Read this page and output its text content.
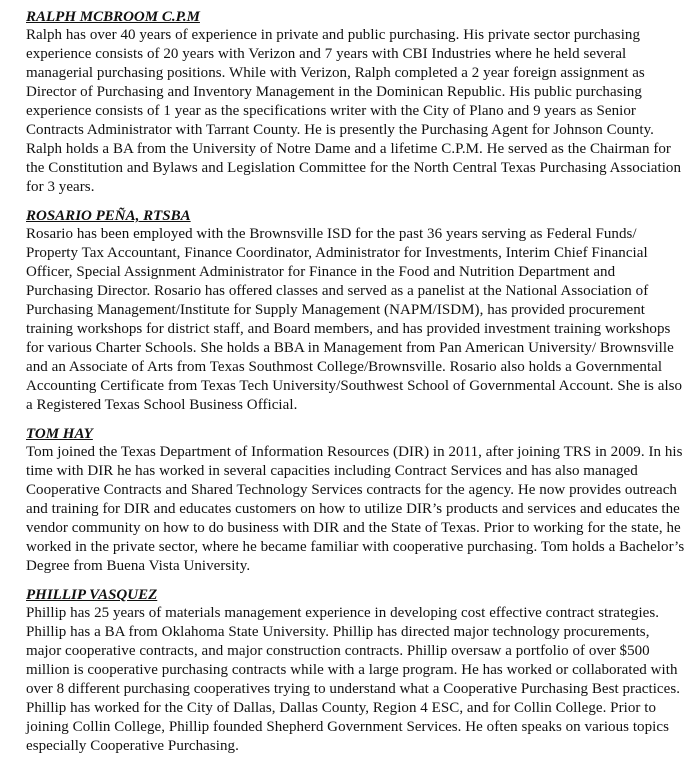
RALPH MCBROOM C.P.M

Ralph has over 40 years of experience in private and public purchasing. His private sector purchasing experience consists of 20 years with Verizon and 7 years with CBI Industries where he held several managerial purchasing positions. While with Verizon, Ralph completed a 2 year foreign assignment as Director of Purchasing and Inventory Management in the Dominican Republic. His public purchasing experience consists of 1 year as the specifications writer with the City of Plano and 9 years as Senior Contracts Administrator with Tarrant County. He is presently the Purchasing Agent for Johnson County. Ralph holds a BA from the University of Notre Dame and a lifetime C.P.M. He served as the Chairman for the Constitution and Bylaws and Legislation Committee for the North Central Texas Purchasing Association for 3 years.

ROSARIO PEÑA, RTSBA

Rosario has been employed with the Brownsville ISD for the past 36 years serving as Federal Funds/ Property Tax Accountant, Finance Coordinator, Administrator for Investments, Interim Chief Financial Officer, Special Assignment Administrator for Finance in the Food and Nutrition Department and Purchasing Director. Rosario has offered classes and served as a panelist at the National Association of Purchasing Management/Institute for Supply Management (NAPM/ISDM), has provided procurement training workshops for district staff, and Board members, and has provided investment training workshops for various Charter Schools. She holds a BBA in Management from Pan American University/ Brownsville and an Associate of Arts from Texas Southmost College/Brownsville. Rosario also holds a Governmental Accounting Certificate from Texas Tech University/Southwest School of Governmental Account. She is also a Registered Texas School Business Official.

TOM HAY

Tom joined the Texas Department of Information Resources (DIR) in 2011, after joining TRS in 2009. In his time with DIR he has worked in several capacities including Contract Services and has also managed Cooperative Contracts and Shared Technology Services contracts for the agency. He now provides outreach and training for DIR and educates customers on how to utilize DIR’s products and services and educates the vendor community on how to do business with DIR and the State of Texas. Prior to working for the state, he worked in the private sector, where he became familiar with cooperative purchasing. Tom holds a Bachelor’s Degree from Buena Vista University.

PHILLIP VASQUEZ

Phillip has 25 years of materials management experience in developing cost effective contract strategies. Phillip has a BA from Oklahoma State University. Phillip has directed major technology procurements, major cooperative contracts, and major construction contracts. Phillip oversaw a portfolio of over $500 million is cooperative purchasing contracts while with a large program. He has worked or collaborated with over 8 different purchasing cooperatives trying to understand what a Cooperative Purchasing Best practices. Phillip has worked for the City of Dallas, Dallas County, Region 4 ESC, and for Collin College. Prior to joining Collin College, Phillip founded Shepherd Government Services. He often speaks on various topics especially Cooperative Purchasing.
